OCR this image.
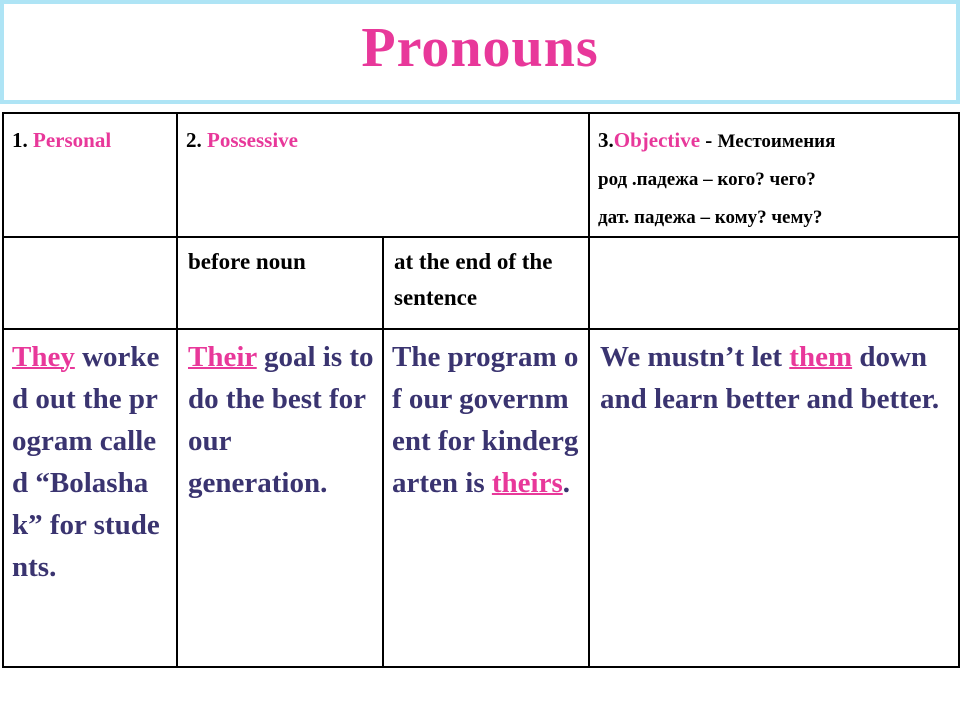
Pronouns
1. Personal	2. Possessive		3.Objective - Местоимения
род .падежа – кого? чего?
дат. падежа – кому? чему?

	before noun	at the end of the sentence	

They worked out the program called “Bolashak” for students.	Their goal is to do the best for our generation.	The program of our government for kindergarten is theirs.	We mustn’t let them down and learn better and better.
